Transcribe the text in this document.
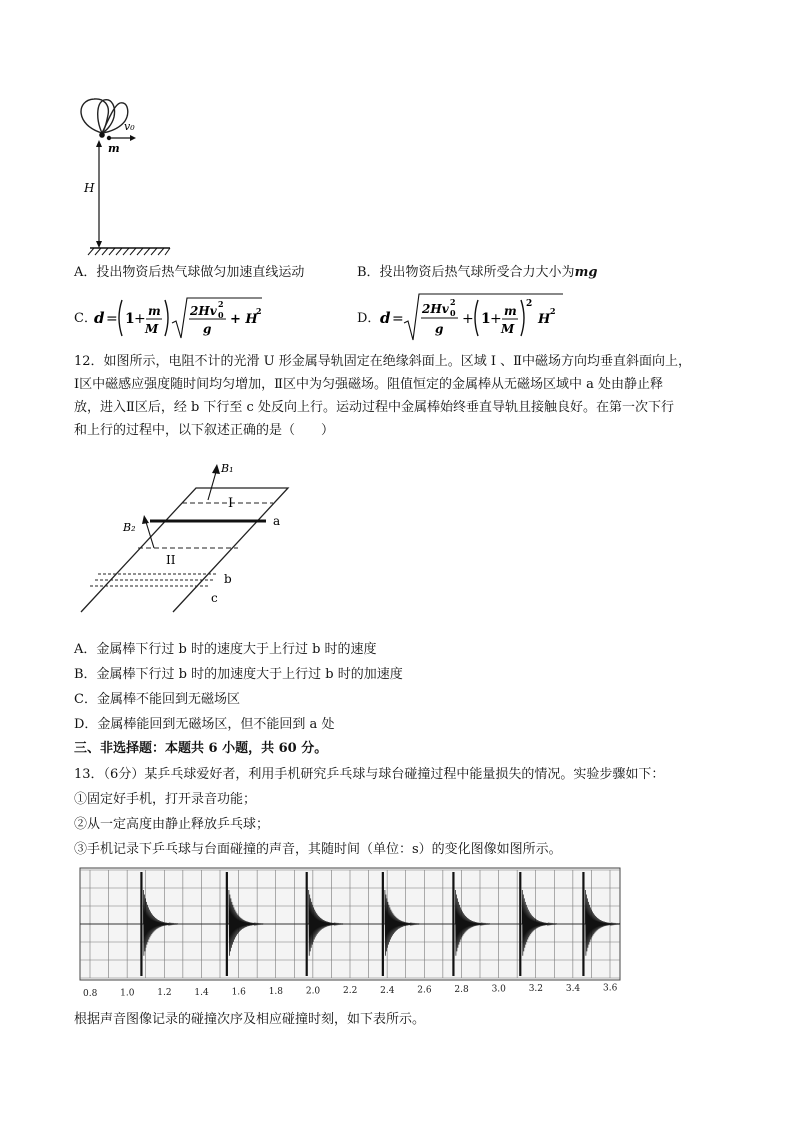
v₀
m
H
A．投出物资后热气球做匀加速直线运动	B．投出物资后热气球所受合力大小为mg
C．
d = 1 + m
M
2Hv 0
2
g
+ H
2	D． d =
2Hv 0
2
g
+ 1 + m
M
2
H
2
12．如图所示，电阻不计的光滑 U 形金属导轨固定在绝缘斜面上。区域 Ⅰ 、Ⅱ中磁场方向均垂直斜面向上，
Ⅰ区中磁感应强度随时间均匀增加，Ⅱ区中为匀强磁场。阻值恒定的金属棒从无磁场区域中 a 处由静止释
放，进入Ⅱ区后，经 b 下行至 c 处反向上行。运动过程中金属棒始终垂直导轨且接触良好。在第一次下行
和上行的过程中，以下叙述正确的是（　　）
B₁
I
B₂
II
a
b
c
A．金属棒下行过 b 时的速度大于上行过 b 时的速度
B．金属棒下行过 b 时的加速度大于上行过 b 时的加速度
C．金属棒不能回到无磁场区
D．金属棒能回到无磁场区，但不能回到 a 处
三、非选择题：本题共 6 小题，共 60 分。
13．（6分）某乒乓球爱好者，利用手机研究乒乓球与球台碰撞过程中能量损失的情况。实验步骤如下：
①固定好手机，打开录音功能；
②从一定高度由静止释放乒乓球；
③手机记录下乒乓球与台面碰撞的声音，其随时间（单位：s）的变化图像如图所示。
0.8	1.0	1.2	1.4	1.6	1.8	2.0	2.2	2.4	2.6	2.8	3.0	3.2	3.4	3.6
根据声音图像记录的碰撞次序及相应碰撞时刻，如下表所示。
